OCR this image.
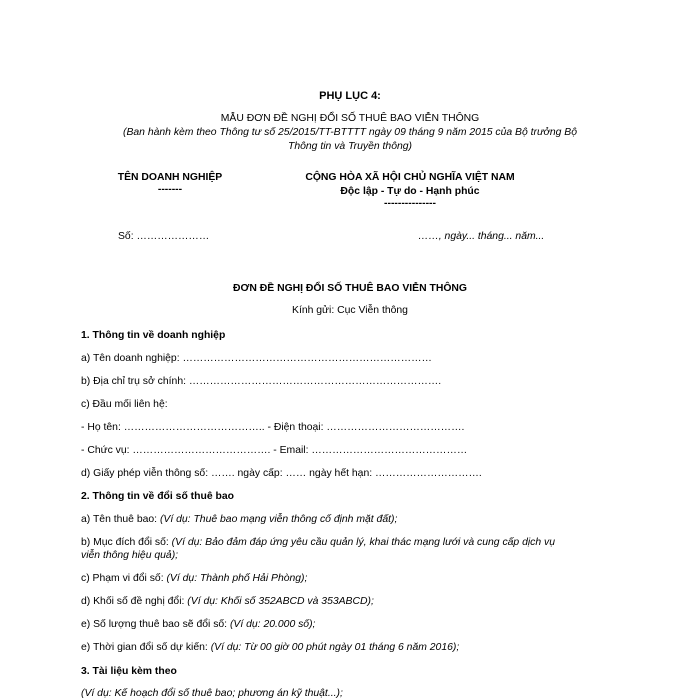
PHỤ LỤC 4:
MẪU ĐƠN ĐỀ NGHỊ ĐỔI SỐ THUÊ BAO VIỄN THÔNG
(Ban hành kèm theo Thông tư số 25/2015/TT-BTTTT ngày 09 tháng 9 năm 2015 của Bộ trưởng Bộ
Thông tin và Truyền thông)
TÊN DOANH NGHIỆP
-------
CỘNG HÒA XÃ HỘI CHỦ NGHĨA VIỆT NAM
Độc lập - Tự do - Hạnh phúc
---------------
Số: …………………	……, ngày... tháng... năm...
ĐƠN ĐỀ NGHỊ ĐỔI SỐ THUÊ BAO VIỄN THÔNG
Kính gửi: Cục Viễn thông
1. Thông tin về doanh nghiệp
a) Tên doanh nghiệp: ………………………………………………………………
b) Địa chỉ trụ sở chính: ……………………………………………………………….
c) Đầu mối liên hệ:
- Họ tên: ………………………………….. - Điện thoại: ………………………………….
- Chức vụ: …………………………………. - Email: ………………………………………
d) Giấy phép viễn thông số: ……. ngày cấp: …… ngày hết hạn: ………………………….
2. Thông tin về đổi số thuê bao
a) Tên thuê bao: (Ví dụ: Thuê bao mạng viễn thông cố định mặt đất);
b) Mục đích đổi số: (Ví dụ: Bảo đảm đáp ứng yêu cầu quản lý, khai thác mạng lưới và cung cấp dịch vụ
viễn thông hiệu quả);
c) Phạm vi đổi số: (Ví dụ: Thành phố Hải Phòng);
d) Khối số đề nghị đổi: (Ví dụ: Khối số 352ABCD và 353ABCD);
e) Số lượng thuê bao sẽ đổi số: (Ví dụ: 20.000 số);
e) Thời gian đổi số dự kiến: (Ví dụ: Từ 00 giờ 00 phút ngày 01 tháng 6 năm 2016);
3. Tài liệu kèm theo
(Ví dụ: Kế hoạch đổi số thuê bao; phương án kỹ thuật...);
